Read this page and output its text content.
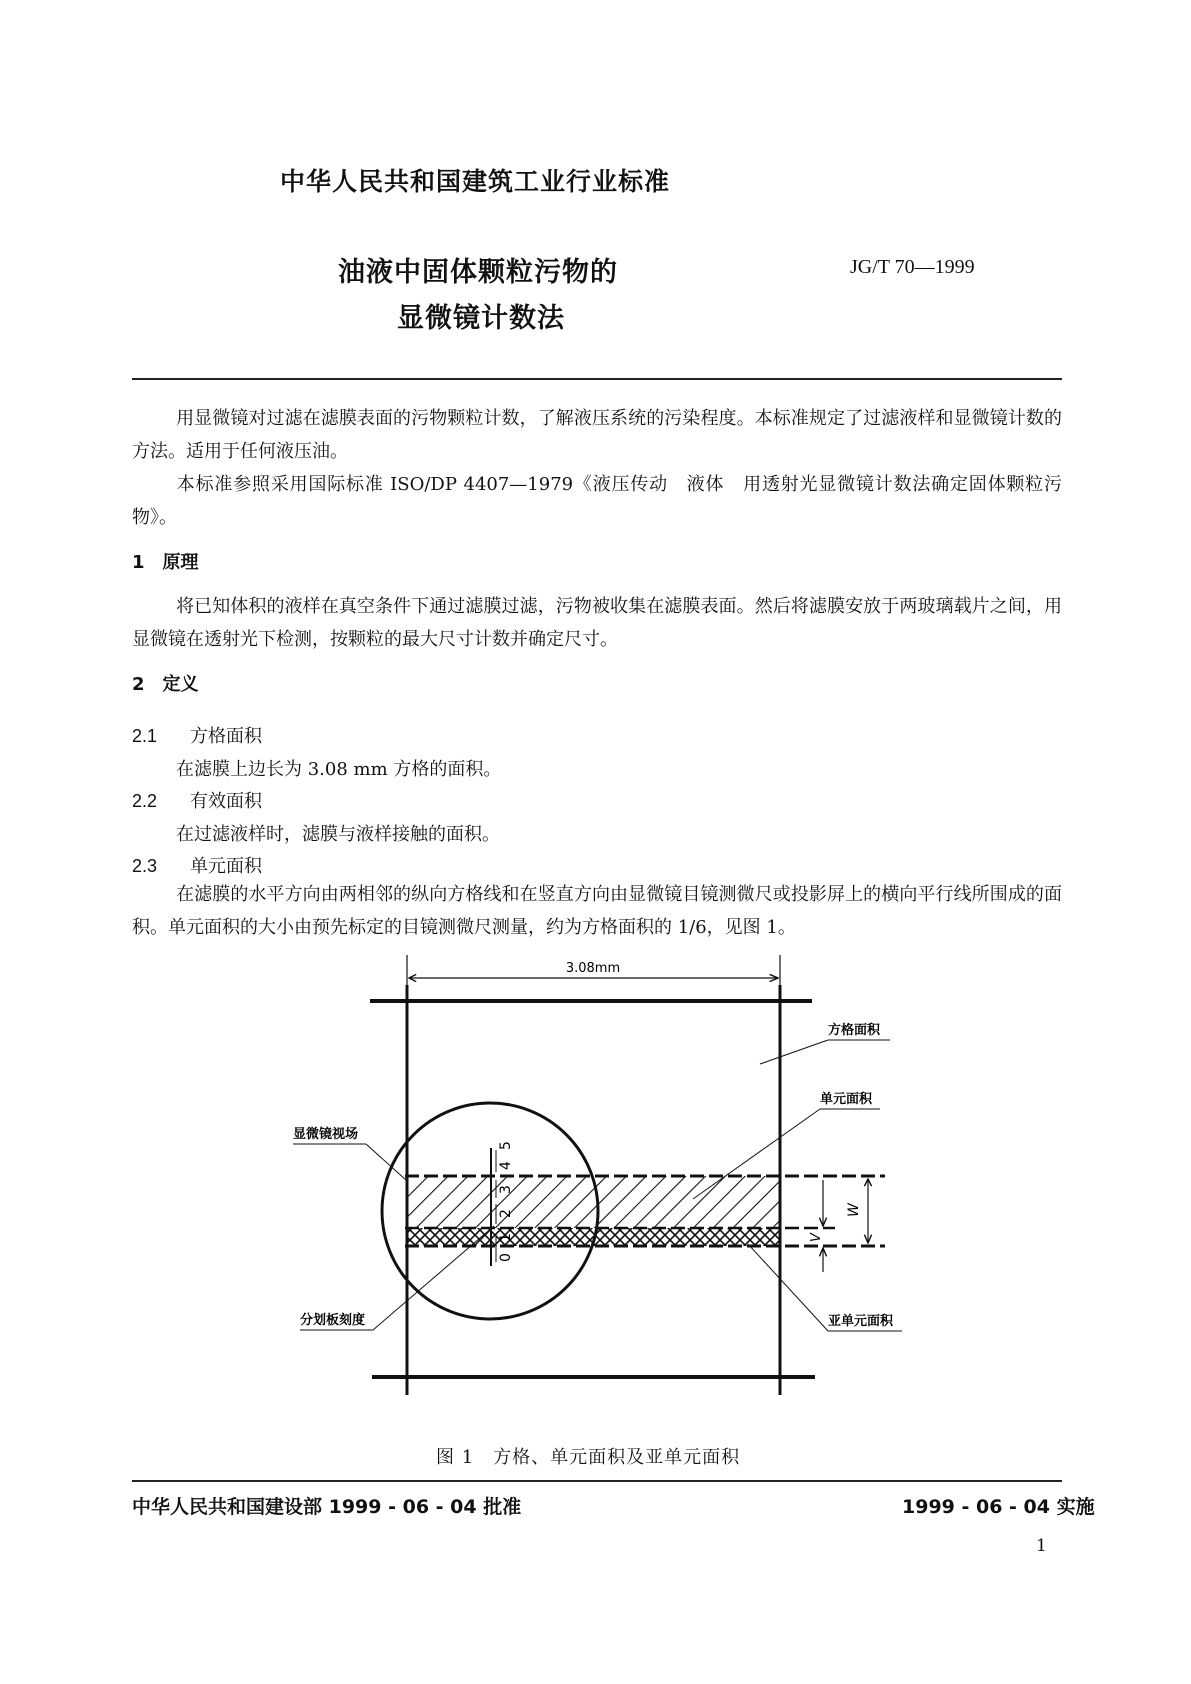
中华人民共和国建筑工业行业标准
油液中固体颗粒污物的
显微镜计数法
JG/T 70—1999
用显微镜对过滤在滤膜表面的污物颗粒计数，了解液压系统的污染程度。本标准规定了过滤液样和显微镜计数的方法。适用于任何液压油。
本标准参照采用国际标准 ISO/DP 4407—1979《液压传动　液体　用透射光显微镜计数法确定固体颗粒污物》。
1　 原理
将已知体积的液样在真空条件下通过滤膜过滤，污物被收集在滤膜表面。然后将滤膜安放于两玻璃载片之间，用显微镜在透射光下检测，按颗粒的最大尺寸计数并确定尺寸。
2　 定义
2.1 方格面积
在滤膜上边长为 3.08 mm 方格的面积。
2.2 有效面积
在过滤液样时，滤膜与液样接触的面积。
2.3 单元面积
在滤膜的水平方向由两相邻的纵向方格线和在竖直方向由显微镜目镜测微尺或投影屏上的横向平行线所围成的面积。单元面积的大小由预先标定的目镜测微尺测量，约为方格面积的 1/6，见图 1。
3.08mm
0
1
2
3
4
5
W
V
方格面积
单元面积
显微镜视场
分划板刻度	亚单元面积
图 1　方格、单元面积及亚单元面积
中华人民共和国建设部 1999 - 06 - 04 批准	1999 - 06 - 04 实施
1
